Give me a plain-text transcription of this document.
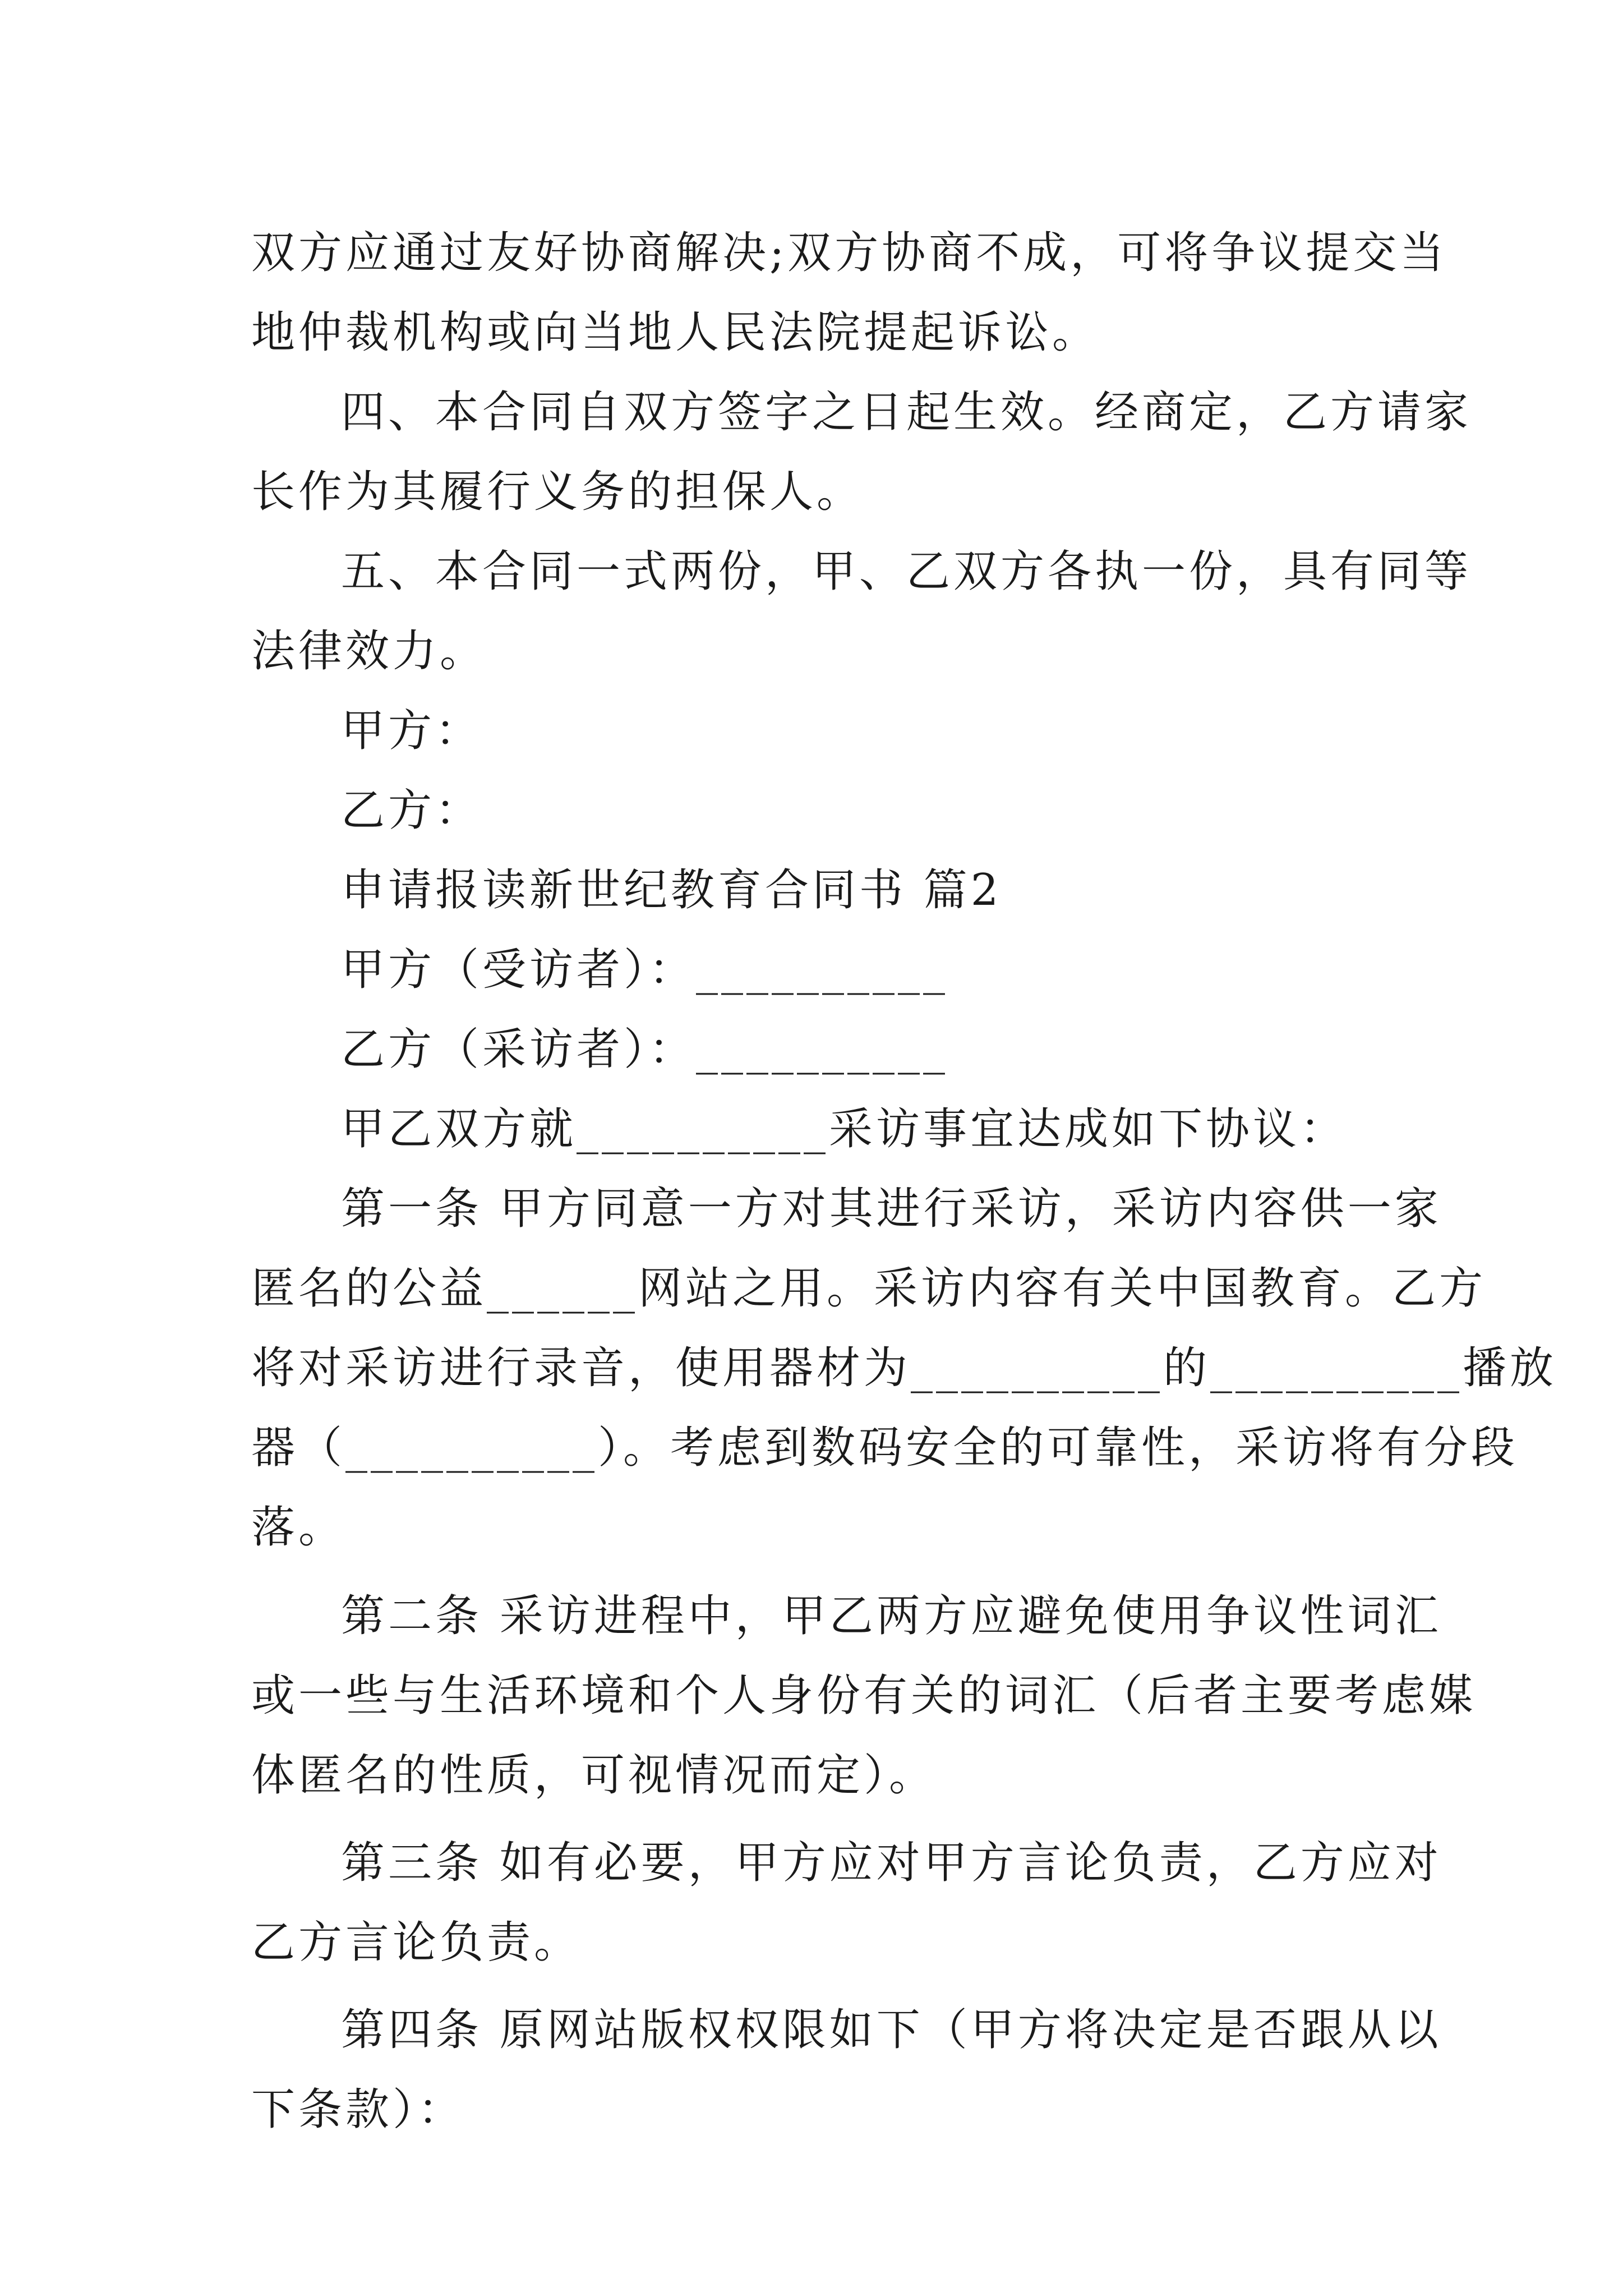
双方应通过友好协商解决;双方协商不成，可将争议提交当
地仲裁机构或向当地人民法院提起诉讼。
四、本合同自双方签字之日起生效。经商定，乙方请家
长作为其履行义务的担保人。
五、本合同一式两份，甲、乙双方各执一份，具有同等
法律效力。
甲方：
乙方：
申请报读新世纪教育合同书 篇2
甲方（受访者）：__________
乙方（采访者）：__________
甲乙双方就__________采访事宜达成如下协议：
第一条 甲方同意一方对其进行采访，采访内容供一家
匿名的公益______网站之用。采访内容有关中国教育。乙方
将对采访进行录音，使用器材为__________的__________播放
器（__________）。考虑到数码安全的可靠性，采访将有分段
落。
第二条 采访进程中，甲乙两方应避免使用争议性词汇
或一些与生活环境和个人身份有关的词汇（后者主要考虑媒
体匿名的性质，可视情况而定）。
第三条 如有必要，甲方应对甲方言论负责，乙方应对
乙方言论负责。
第四条 原网站版权权限如下（甲方将决定是否跟从以
下条款）：
